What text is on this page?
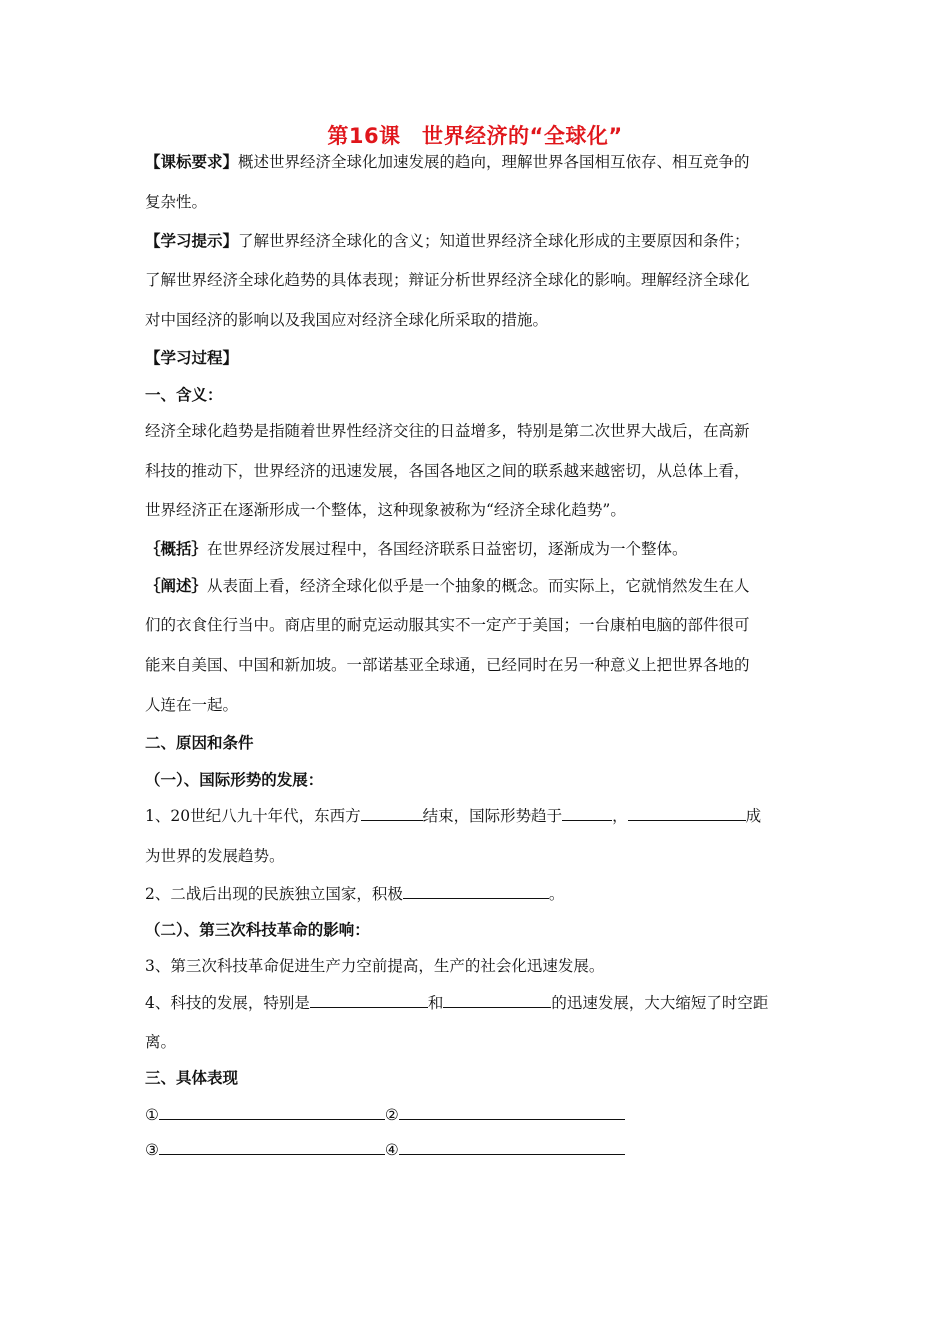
第16课　世界经济的“全球化”
【课标要求】概述世界经济全球化加速发展的趋向，理解世界各国相互依存、相互竞争的
复杂性。
【学习提示】了解世界经济全球化的含义；知道世界经济全球化形成的主要原因和条件；
了解世界经济全球化趋势的具体表现；辩证分析世界经济全球化的影响。理解经济全球化
对中国经济的影响以及我国应对经济全球化所采取的措施。
【学习过程】
一、含义：
经济全球化趋势是指随着世界性经济交往的日益增多，特别是第二次世界大战后，在高新
科技的推动下，世界经济的迅速发展，各国各地区之间的联系越来越密切，从总体上看，
世界经济正在逐渐形成一个整体，这种现象被称为“经济全球化趋势”。
｛概括｝在世界经济发展过程中，各国经济联系日益密切，逐渐成为一个整体。
｛阐述｝从表面上看，经济全球化似乎是一个抽象的概念。而实际上，它就悄然发生在人
们的衣食住行当中。商店里的耐克运动服其实不一定产于美国；一台康柏电脑的部件很可
能来自美国、中国和新加坡。一部诺基亚全球通，已经同时在另一种意义上把世界各地的
人连在一起。
二、原因和条件
（一）、国际形势的发展：
1、20世纪八九十年代，东西方	结束，国际形势趋于	，	成
为世界的发展趋势。
2、二战后出现的民族独立国家，积极	。
（二）、第三次科技革命的影响：
3、第三次科技革命促进生产力空前提高，生产的社会化迅速发展。
4、科技的发展，特别是	和	的迅速发展，大大缩短了时空距
离。
三、具体表现
①	②
③	④
